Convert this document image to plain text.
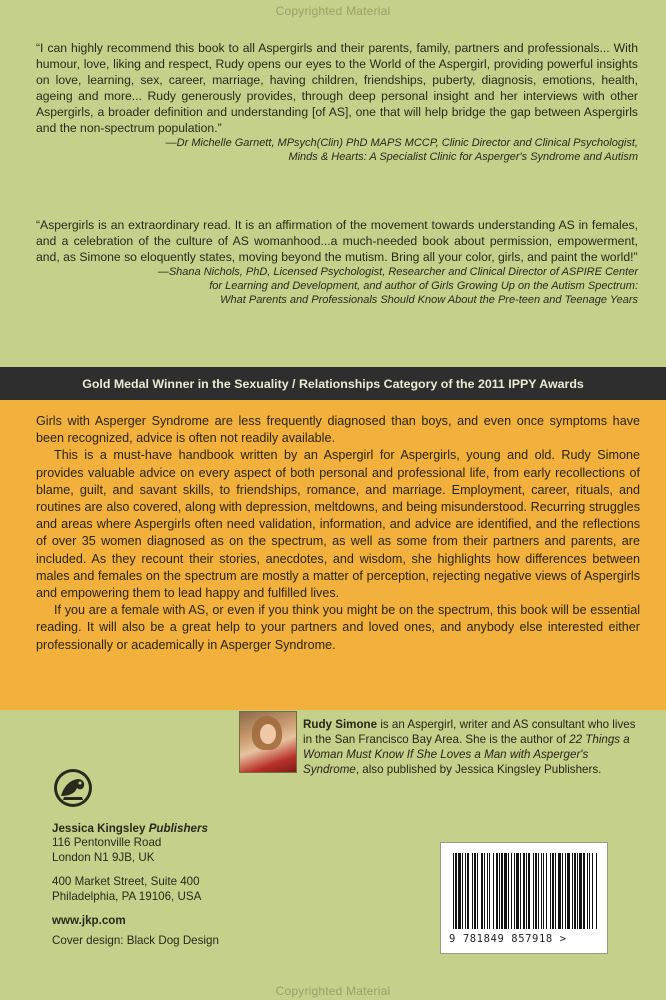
Copyrighted Material

“I can highly recommend this book to all Aspergirls and their parents, family, partners and professionals... With humour, love, liking and respect, Rudy opens our eyes to the World of the Aspergirl, providing powerful insights on love, learning, sex, career, marriage, having children, friendships, puberty, diagnosis, emotions, health, ageing and more... Rudy generously provides, through deep personal insight and her interviews with other Aspergirls, a broader definition and understanding [of AS], one that will help bridge the gap between Aspergirls and the non-spectrum population.”

—Dr Michelle Garnett, MPsych(Clin) PhD MAPS MCCP, Clinic Director and Clinical Psychologist,
Minds & Hearts: A Specialist Clinic for Asperger's Syndrome and Autism

“Aspergirls is an extraordinary read. It is an affirmation of the movement towards understanding AS in females, and a celebration of the culture of AS womanhood...a much-needed book about permission, empowerment, and, as Simone so eloquently states, moving beyond the mutism. Bring all your color, girls, and paint the world!”

—Shana Nichols, PhD, Licensed Psychologist, Researcher and Clinical Director of ASPIRE Center
for Learning and Development, and author of Girls Growing Up on the Autism Spectrum:
What Parents and Professionals Should Know About the Pre-teen and Teenage Years

Gold Medal Winner in the Sexuality / Relationships Category of the 2011 IPPY Awards

Girls with Asperger Syndrome are less frequently diagnosed than boys, and even once symptoms have been recognized, advice is often not readily available.

This is a must-have handbook written by an Aspergirl for Aspergirls, young and old. Rudy Simone provides valuable advice on every aspect of both personal and professional life, from early recollections of blame, guilt, and savant skills, to friendships, romance, and marriage. Employment, career, rituals, and routines are also covered, along with depression, meltdowns, and being misunderstood. Recurring struggles and areas where Aspergirls often need validation, information, and advice are identified, and the reflections of over 35 women diagnosed as on the spectrum, as well as some from their partners and parents, are included. As they recount their stories, anecdotes, and wisdom, she highlights how differences between males and females on the spectrum are mostly a matter of perception, rejecting negative views of Aspergirls and empowering them to lead happy and fulfilled lives.

If you are a female with AS, or even if you think you might be on the spectrum, this book will be essential reading. It will also be a great help to your partners and loved ones, and anybody else interested either professionally or academically in Asperger Syndrome.

Rudy Simone is an Aspergirl, writer and AS consultant who lives in the San Francisco Bay Area. She is the author of 22 Things a Woman Must Know If She Loves a Man with Asperger's Syndrome, also published by Jessica Kingsley Publishers.
Jessica Kingsley Publishers
116 Pentonville Road
London N1 9JB, UK
400 Market Street, Suite 400
Philadelphia, PA 19106, USA
www.jkp.com
Cover design: Black Dog Design	9 781849 857918 >
Copyrighted Material
